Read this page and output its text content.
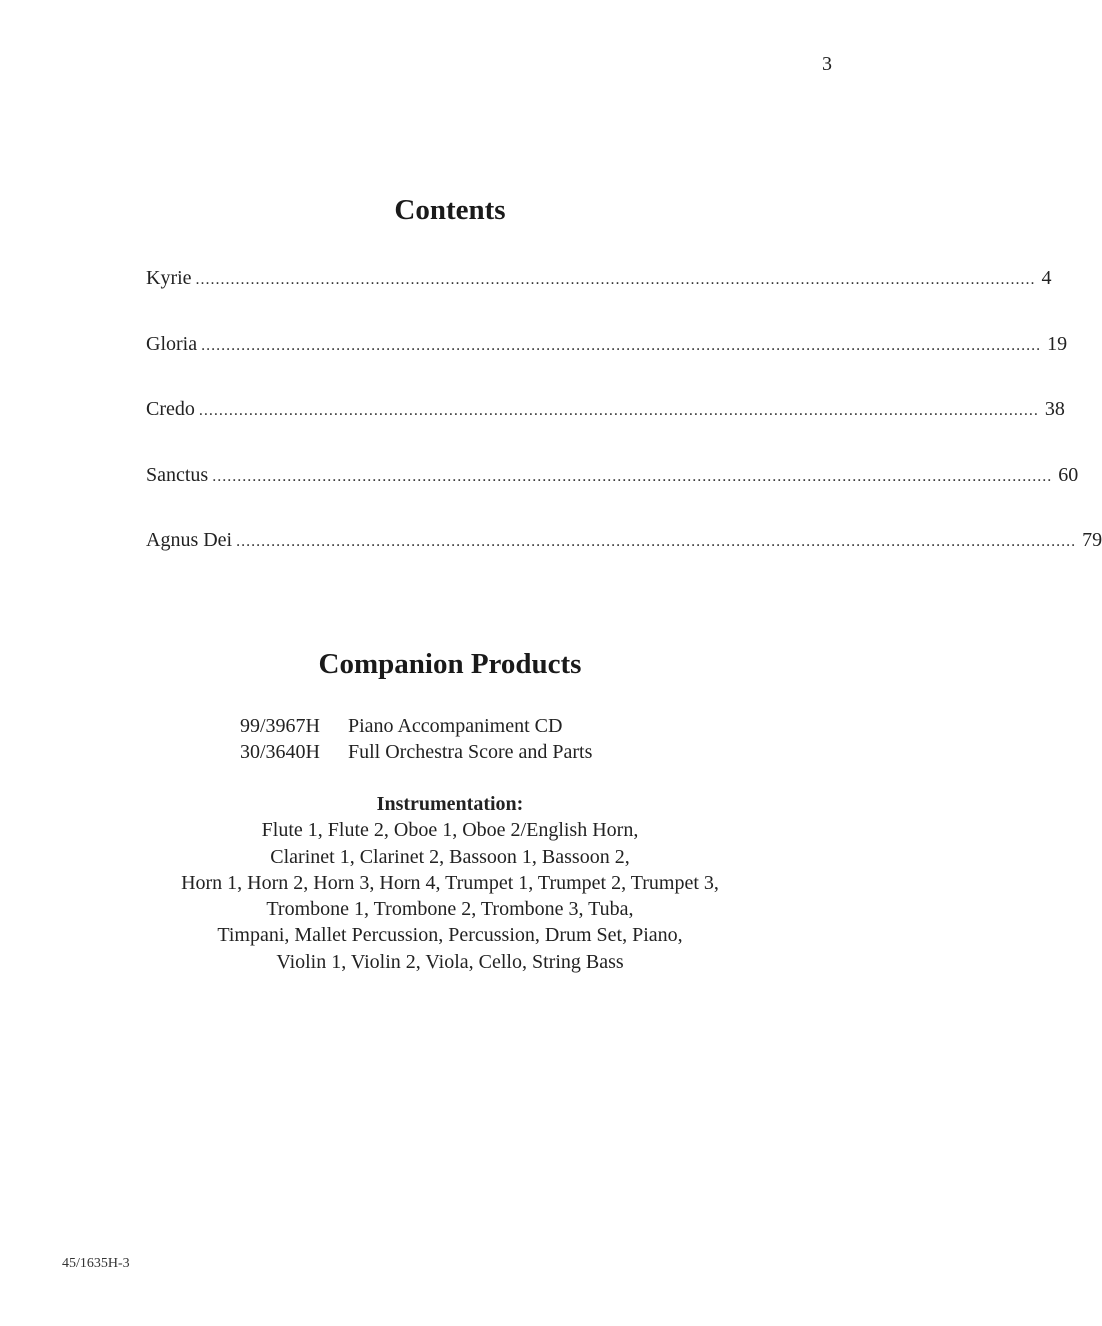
3
Contents
Kyrie ........................................................................................................................................................................ 4
Gloria ........................................................................................................................................................................ 19
Credo ........................................................................................................................................................................ 38
Sanctus ........................................................................................................................................................................ 60
Agnus Dei ........................................................................................................................................................................ 79
Companion Products
99/3967H	Piano Accompaniment CD
30/3640H	Full Orchestra Score and Parts
Instrumentation:
Flute 1, Flute 2, Oboe 1, Oboe 2/English Horn,
Clarinet 1, Clarinet 2, Bassoon 1, Bassoon 2,
Horn 1, Horn 2, Horn 3, Horn 4, Trumpet 1, Trumpet 2, Trumpet 3,
Trombone 1, Trombone 2, Trombone 3, Tuba,
Timpani, Mallet Percussion, Percussion, Drum Set, Piano,
Violin 1, Violin 2, Viola, Cello, String Bass
45/1635H-3
